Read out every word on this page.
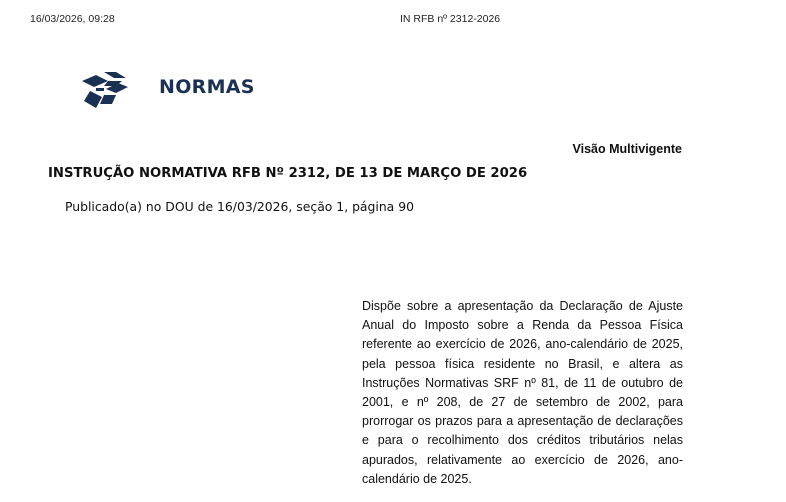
16/03/2026, 09:28	IN RFB nº 2312-2026
NORMAS
Visão Multivigente
INSTRUÇÃO NORMATIVA RFB Nº 2312, DE 13 DE MARÇO DE 2026
Publicado(a) no DOU de 16/03/2026, seção 1, página 90

Dispõe sobre a apresentação da Declaração de Ajuste Anual do Imposto sobre a Renda da Pessoa Física referente ao exercício de 2026, ano-calendário de 2025, pela pessoa física residente no Brasil, e altera as Instruções Normativas SRF nº 81, de 11 de outubro de 2001, e nº 208, de 27 de setembro de 2002, para prorrogar os prazos para a apresentação de declarações e para o recolhimento dos créditos tributários nelas apurados, relativamente ao exercício de 2026, ano-calendário de 2025.
